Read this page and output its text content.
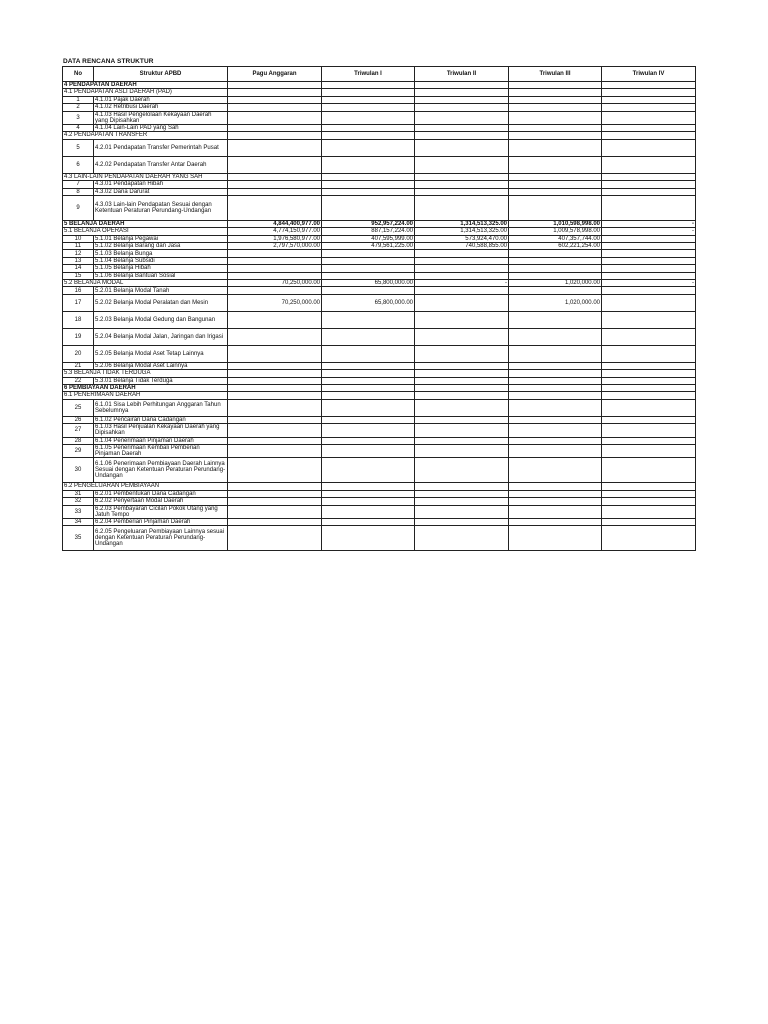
DATA RENCANA STRUKTUR
No	Struktur APBD	Pagu Anggaran	Triwulan I	Triwulan II	Triwulan III	Triwulan IV
4 PENDAPATAN DAERAH						
4.1 PENDAPATAN ASLI DAERAH (PAD)						
1	4.1.01 Pajak Daerah					
2	4.1.02 Retribusi Daerah					
3	4.1.03 Hasil Pengelolaan Kekayaan Daerah yang Dipisahkan					
4	4.1.04 Lain-Lain PAD yang Sah					
4.2 PENDAPATAN TRANSFER						
5	4.2.01 Pendapatan Transfer Pemerintah Pusat					
6	4.2.02 Pendapatan Transfer Antar Daerah					
4.3 LAIN-LAIN PENDAPATAN DAERAH YANG SAH						
7	4.3.01 Pendapatan Hibah					
8	4.3.02 Dana Darurat					
9	4.3.03 Lain-lain Pendapatan Sesuai dengan Ketentuan Peraturan Perundang-Undangan					
5 BELANJA DAERAH		4,844,400,977.00	952,957,224.00	1,314,513,325.00	1,010,598,998.00	-
5.1 BELANJA OPERASI		4,774,150,977.00	887,157,224.00	1,314,513,325.00	1,009,578,998.00	-
10	5.1.01 Belanja Pegawai	1,976,580,977.00	407,595,999.00	573,924,470.00	407,357,744.00	
11	5.1.02 Belanja Barang dan Jasa	2,797,570,000.00	479,561,225.00	740,588,855.00	602,221,254.00	
12	5.1.03 Belanja Bunga					
13	5.1.04 Belanja Subsidi					
14	5.1.05 Belanja Hibah					
15	5.1.06 Belanja Bantuan Sosial					
5.2 BELANJA MODAL		70,250,000.00	65,800,000.00	-	1,020,000.00	-
16	5.2.01 Belanja Modal Tanah					
17	5.2.02 Belanja Modal Peralatan dan Mesin	70,250,000.00	65,800,000.00		1,020,000.00	
18	5.2.03 Belanja Modal Gedung dan Bangunan					
19	5.2.04 Belanja Modal Jalan, Jaringan dan Irigasi					
20	5.2.05 Belanja Modal Aset Tetap Lainnya					
21	5.2.06 Belanja Modal Aset Lainnya					
5.3 BELANJA TIDAK TERDUGA						
22	5.3.01 Belanja Tidak Terduga					
6 PEMBIAYAAN DAERAH						
6.1 PENERIMAAN DAERAH						
25	6.1.01 Sisa Lebih Perhitungan Anggaran Tahun Sebelumnya					
26	6.1.02 Pencairan Dana Cadangan					
27	6.1.03 Hasil Penjualan Kekayaan Daerah yang Dipisahkan					
28	6.1.04 Penerimaan Pinjaman Daerah					
29	6.1.05 Penerimaan Kembali Pemberian Pinjaman Daerah					
30	6.1.06 Penerimaan Pembiayaan Daerah Lainnya Sesuai dengan Ketentuan Peraturan Perundang-Undangan					
6.2 PENGELUARAN PEMBIAYAAN						
31	6.2.01 Pembentukan Dana Cadangan					
32	6.2.02 Penyertaan Modal Daerah					
33	6.2.03 Pembayaran Cicilan Pokok Utang yang Jatuh Tempo					
34	6.2.04 Pemberian Pinjaman Daerah					
35	6.2.05 Pengeluaran Pembiayaan Lainnya sesuai dengan Ketentuan Peraturan Perundang-Undangan					
